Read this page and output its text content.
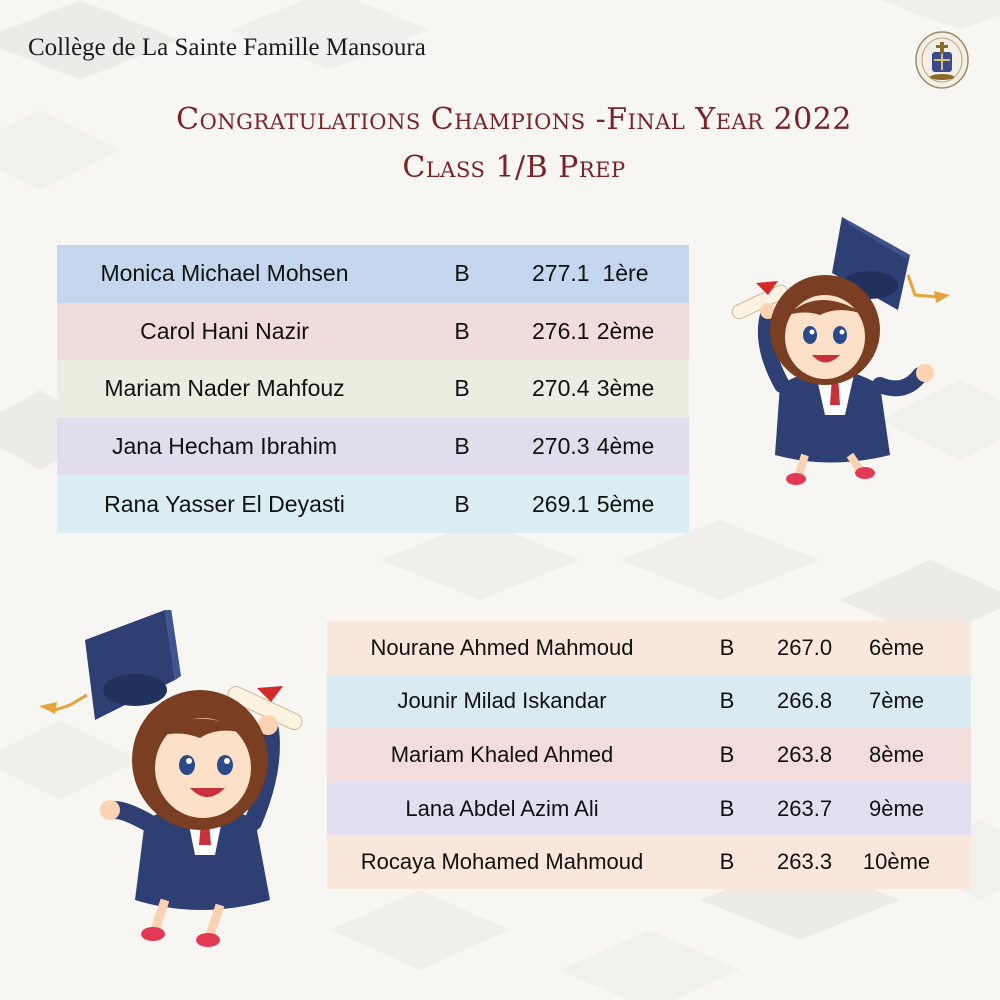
Collège de La Sainte Famille Mansoura
Congratulations Champions -Final Year 2022
Class 1/B Prep
Monica Michael Mohsen	B	277.1 1ère
Carol Hani Nazir	B	276.1 2ème
Mariam Nader Mahfouz	B	270.4 3ème
Jana Hecham Ibrahim	B	270.3 4ème
Rana Yasser El Deyasti	B	269.1 5ème
Nourane Ahmed Mahmoud	B	267.0	6ème
Jounir Milad Iskandar	B	266.8	7ème
Mariam Khaled Ahmed	B	263.8	8ème
Lana Abdel Azim Ali	B	263.7	9ème
Rocaya Mohamed Mahmoud	B	263.3	10ème
